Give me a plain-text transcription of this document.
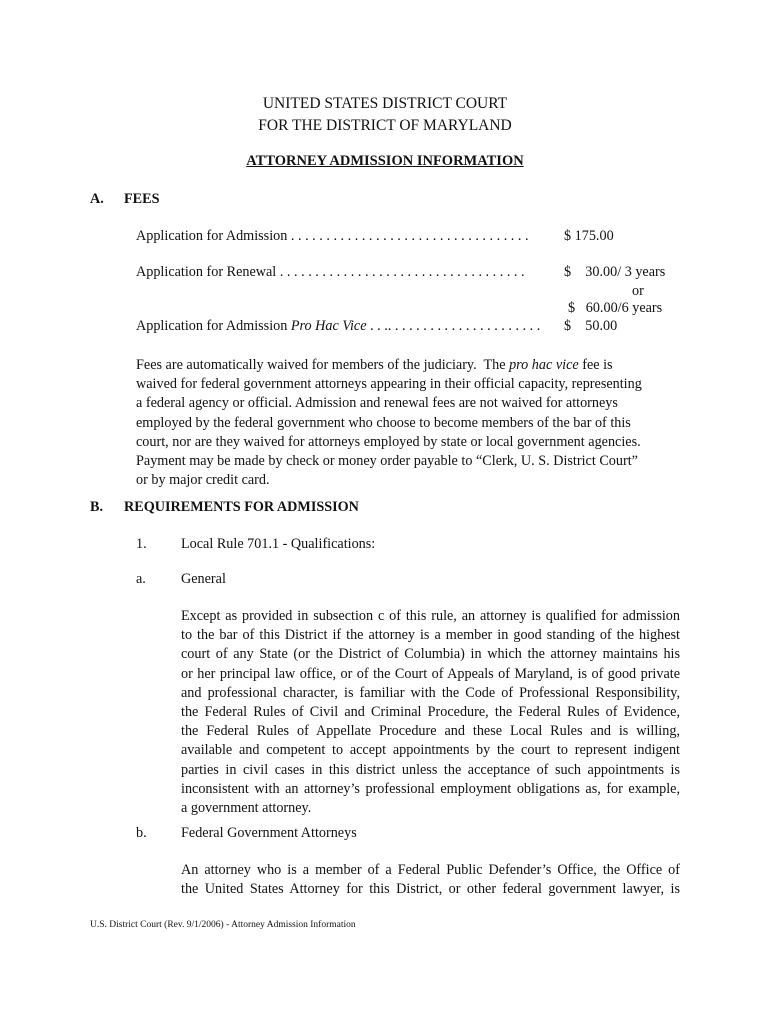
UNITED STATES DISTRICT COURT
FOR THE DISTRICT OF MARYLAND
ATTORNEY ADMISSION INFORMATION
A. FEES
Application for Admission . . . . . . . . . . . . . . . . . . . . . . . . . . . . . . . . . . $ 175.00
Application for Renewal . . . . . . . . . . . . . . . . . . . . . . . . . . . . . . . . . . .	$    30.00/ 3 years
or
$   60.00/6 years
Application for Admission Pro Hac Vice . . .. . . . . . . . . . . . . . . . . . . . . . $    50.00
Fees are automatically waived for members of the judiciary.  The pro hac vice fee is
waived for federal government attorneys appearing in their official capacity, representing
a federal agency or official. Admission and renewal fees are not waived for attorneys
employed by the federal government who choose to become members of the bar of this
court, nor are they waived for attorneys employed by state or local government agencies.
Payment may be made by check or money order payable to “Clerk, U. S. District Court”
or by major credit card.
B. REQUIREMENTS FOR ADMISSION
1. Local Rule 701.1 - Qualifications:
a. General
Except as provided in subsection c of this rule, an attorney is qualified for admission
to the bar of this District if the attorney is a member in good standing of the highest
court of any State (or the District of Columbia) in which the attorney maintains his
or her principal law office, or of the Court of Appeals of Maryland, is of good private
and professional character, is familiar with the Code of Professional Responsibility,
the Federal Rules of Civil and Criminal Procedure, the Federal Rules of Evidence,
the Federal Rules of Appellate Procedure and these Local Rules and is willing,
available and competent to accept appointments by the court to represent indigent
parties in civil cases in this district unless the acceptance of such appointments is
inconsistent with an attorney’s professional employment obligations as, for example,
a government attorney.
b. Federal Government Attorneys
An attorney who is a member of a Federal Public Defender’s Office, the Office of
the United States Attorney for this District, or other federal government lawyer, is
U.S. District Court (Rev. 9/1/2006) - Attorney Admission Information
